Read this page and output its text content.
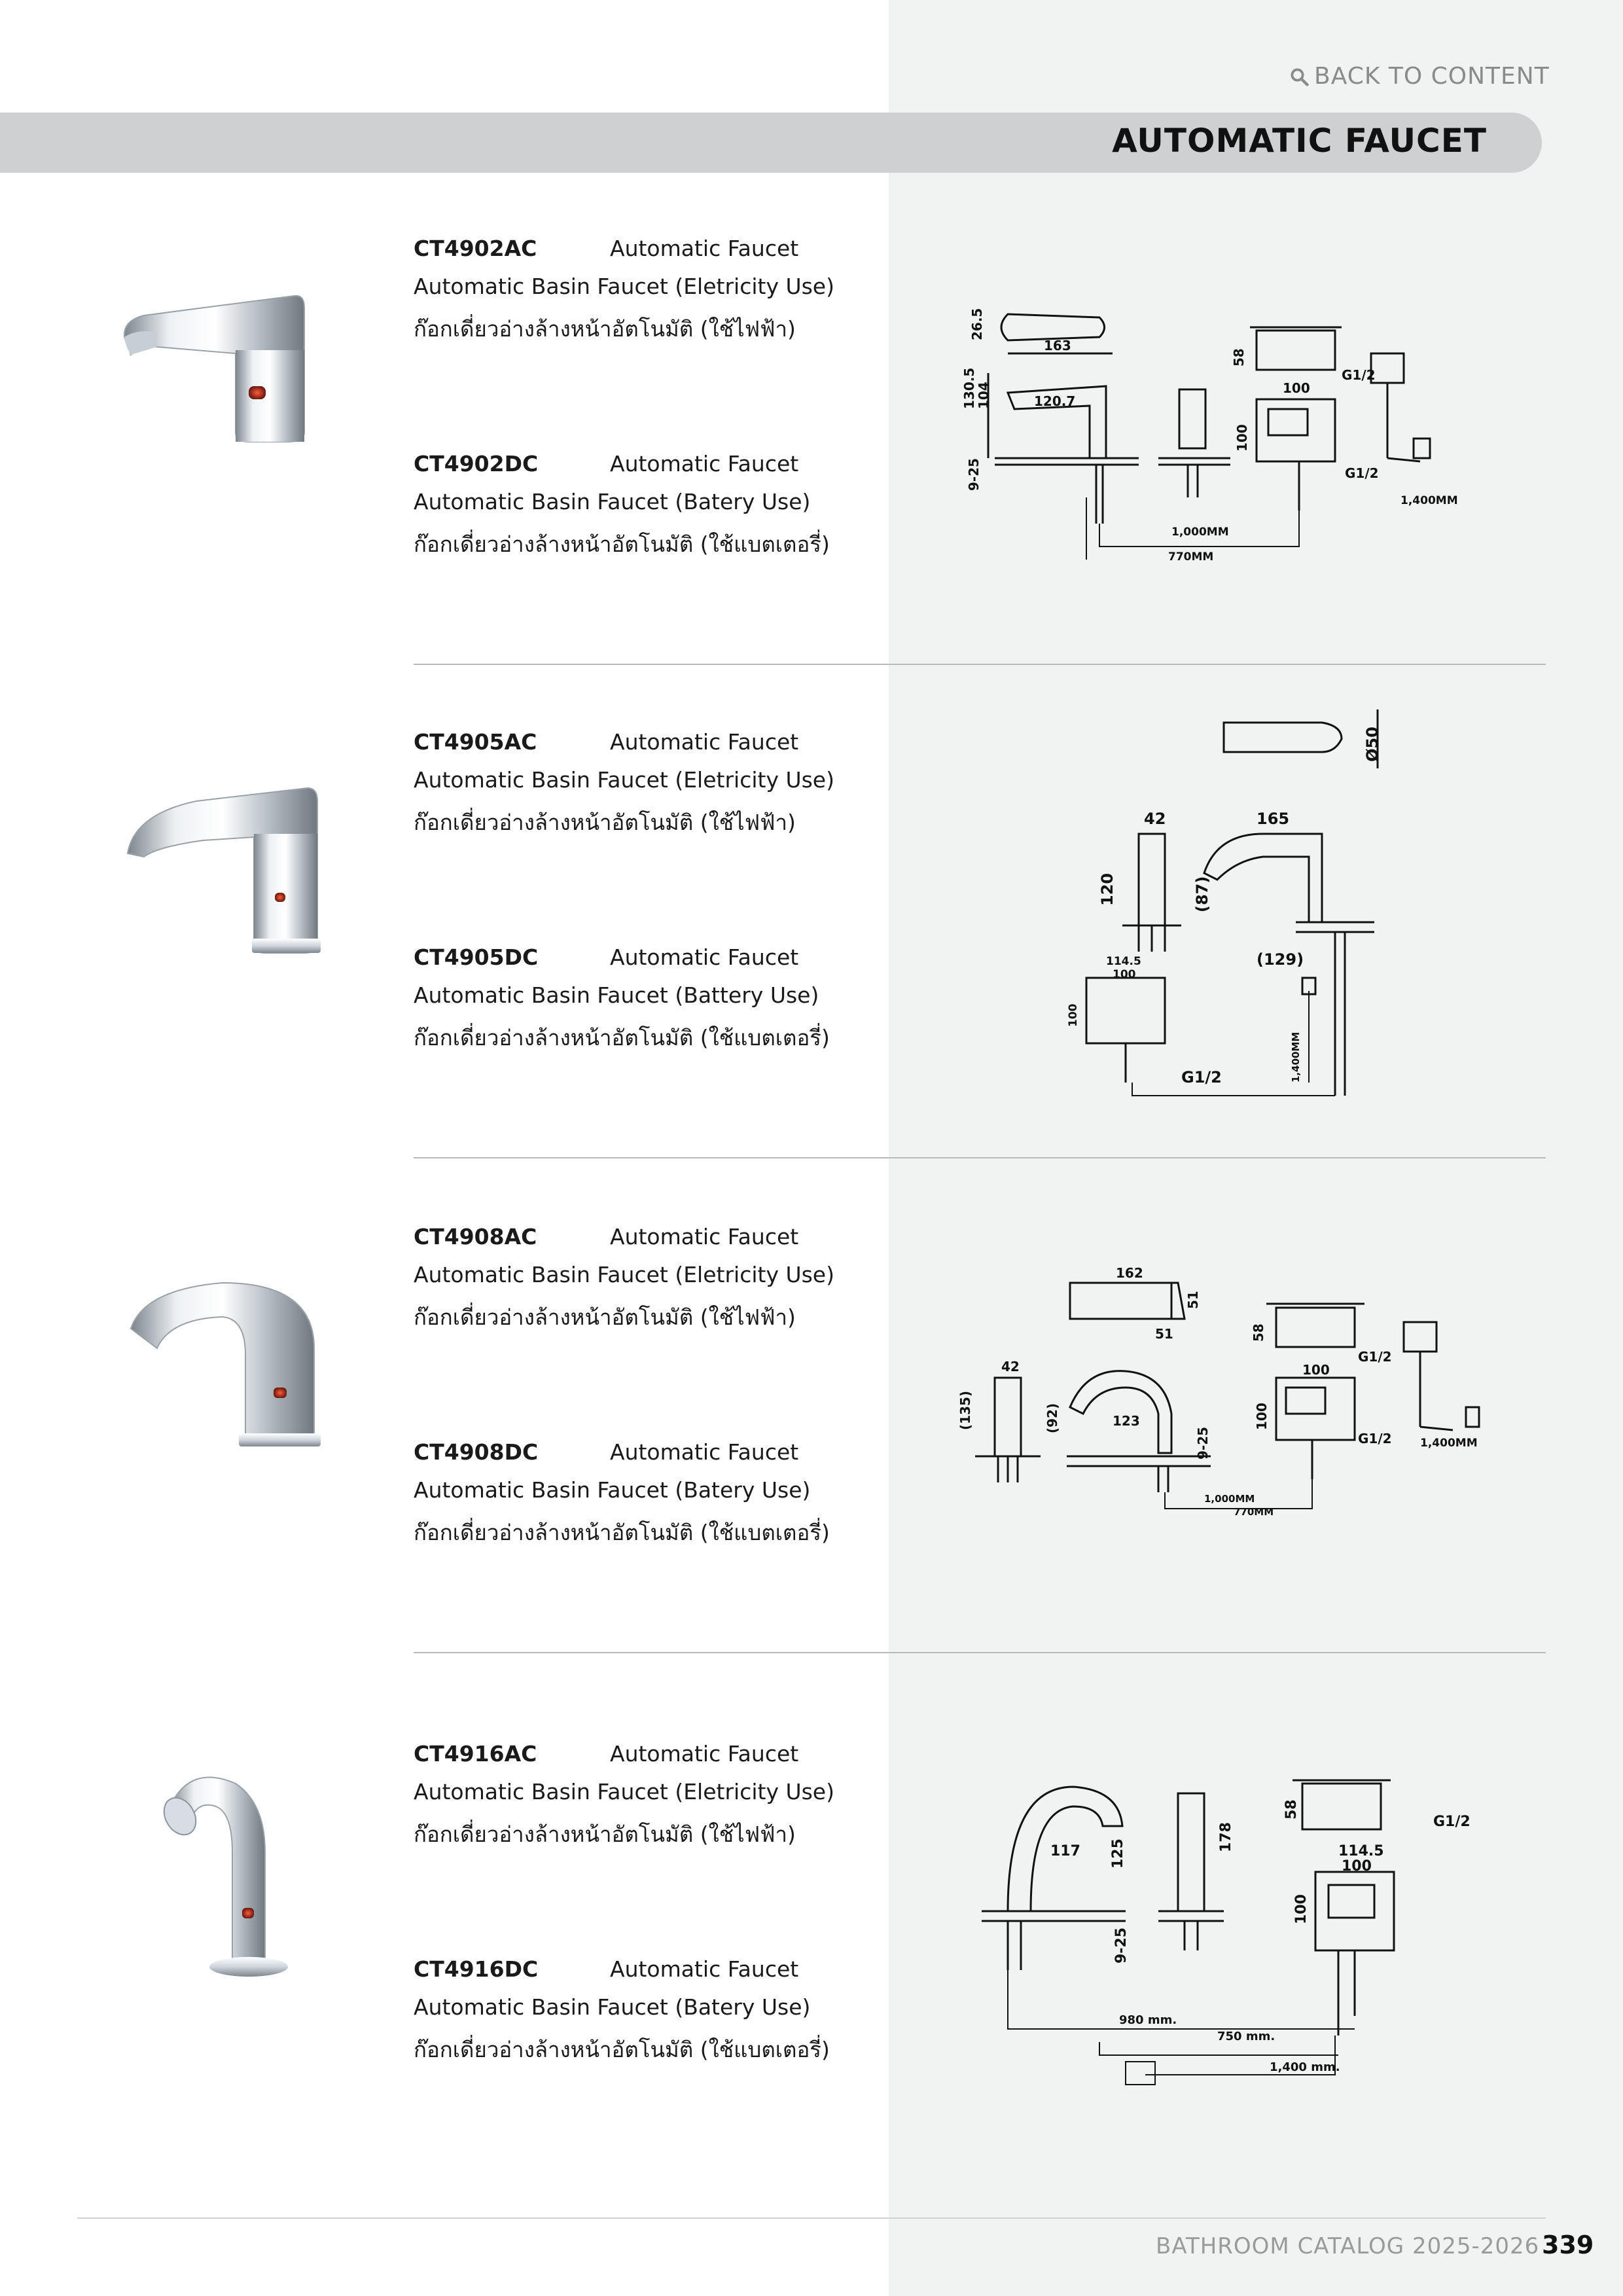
BACK TO CONTENT
AUTOMATIC FAUCET
CT4902AC	Automatic Faucet
Automatic Basin Faucet (Eletricity Use)
ก๊อกเดี่ยวอ่างล้างหน้าอัตโนมัติ (ใช้ไฟฟ้า)
CT4902DC	Automatic Faucet
Automatic Basin Faucet (Batery Use)
ก๊อกเดี่ยวอ่างล้างหน้าอัตโนมัติ (ใช้แบตเตอรี่)
163
26.5
130.5
104	120.7
9-25
58
100
100
G1/2
G1/2
1,000MM
770MM
1,400MM
CT4905AC	Automatic Faucet
Automatic Basin Faucet (Eletricity Use)
ก๊อกเดี่ยวอ่างล้างหน้าอัตโนมัติ (ใช้ไฟฟ้า)
CT4905DC	Automatic Faucet
Automatic Basin Faucet (Battery Use)
ก๊อกเดี่ยวอ่างล้างหน้าอัตโนมัติ (ใช้แบตเตอรี่)
42	165
Ø50
120	(87)
(129)
114.5
100
100
G1/2	1,400MM
CT4908AC	Automatic Faucet
Automatic Basin Faucet (Eletricity Use)
ก๊อกเดี่ยวอ่างล้างหน้าอัตโนมัติ (ใช้ไฟฟ้า)
CT4908DC	Automatic Faucet
Automatic Basin Faucet (Batery Use)
ก๊อกเดี่ยวอ่างล้างหน้าอัตโนมัติ (ใช้แบตเตอรี่)
162
51
51
42
(135)	(92)	123
9-25
58
100
100
G1/2
G1/2
1,000MM
770MM
1,400MM
CT4916AC	Automatic Faucet
Automatic Basin Faucet (Eletricity Use)
ก๊อกเดี่ยวอ่างล้างหน้าอัตโนมัติ (ใช้ไฟฟ้า)
CT4916DC	Automatic Faucet
Automatic Basin Faucet (Batery Use)
ก๊อกเดี่ยวอ่างล้างหน้าอัตโนมัติ (ใช้แบตเตอรี่)
117 125
178
9-25
58
G1/2
114.5
100
100
980 mm.
750 mm.
1,400 mm.
BATHROOM CATALOG 2025-2026 339
